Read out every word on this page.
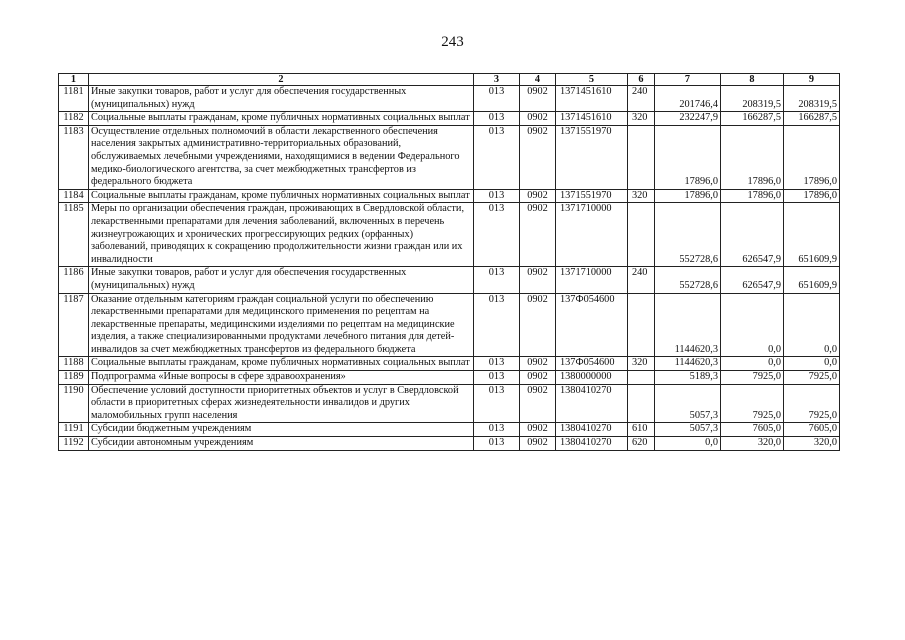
243
1	2	3	4	5	6	7	8	9
1181	Иные закупки товаров, работ и услуг для обеспечения государственных (муниципальных) нужд	013	0902	1371451610	240	201746,4	208319,5	208319,5
1182	Социальные выплаты гражданам, кроме публичных нормативных социальных выплат	013	0902	1371451610	320	232247,9	166287,5	166287,5
1183	Осуществление отдельных полномочий в области лекарственного обеспечения населения закрытых административно-территориальных образований, обслуживаемых лечебными учреждениями, находящимися в ведении Федерального медико-биологического агентства, за счет межбюджетных трансфертов из федерального бюджета	013	0902	1371551970		17896,0	17896,0	17896,0
1184	Социальные выплаты гражданам, кроме публичных нормативных социальных выплат	013	0902	1371551970	320	17896,0	17896,0	17896,0
1185	Меры по организации обеспечения граждан, проживающих в Свердловской области, лекарственными препаратами для лечения заболеваний, включенных в перечень жизнеугрожающих и хронических прогрессирующих редких (орфанных) заболеваний, приводящих к сокращению продолжительности жизни граждан или их инвалидности	013	0902	1371710000		552728,6	626547,9	651609,9
1186	Иные закупки товаров, работ и услуг для обеспечения государственных (муниципальных) нужд	013	0902	1371710000	240	552728,6	626547,9	651609,9
1187	Оказание отдельным категориям граждан социальной услуги по обеспечению лекарственными препаратами для медицинского применения по рецептам на лекарственные препараты, медицинскими изделиями по рецептам на медицинские изделия, а также специализированными продуктами лечебного питания для детей-инвалидов за счет межбюджетных трансфертов из федерального бюджета	013	0902	137Ф054600		1144620,3	0,0	0,0
1188	Социальные выплаты гражданам, кроме публичных нормативных социальных выплат	013	0902	137Ф054600	320	1144620,3	0,0	0,0
1189	Подпрограмма «Иные вопросы в сфере здравоохранения»	013	0902	1380000000		5189,3	7925,0	7925,0
1190	Обеспечение условий доступности приоритетных объектов и услуг в Свердловской области в приоритетных сферах жизнедеятельности инвалидов и других маломобильных групп населения	013	0902	1380410270		5057,3	7925,0	7925,0
1191	Субсидии бюджетным учреждениям	013	0902	1380410270	610	5057,3	7605,0	7605,0
1192	Субсидии автономным учреждениям	013	0902	1380410270	620	0,0	320,0	320,0
